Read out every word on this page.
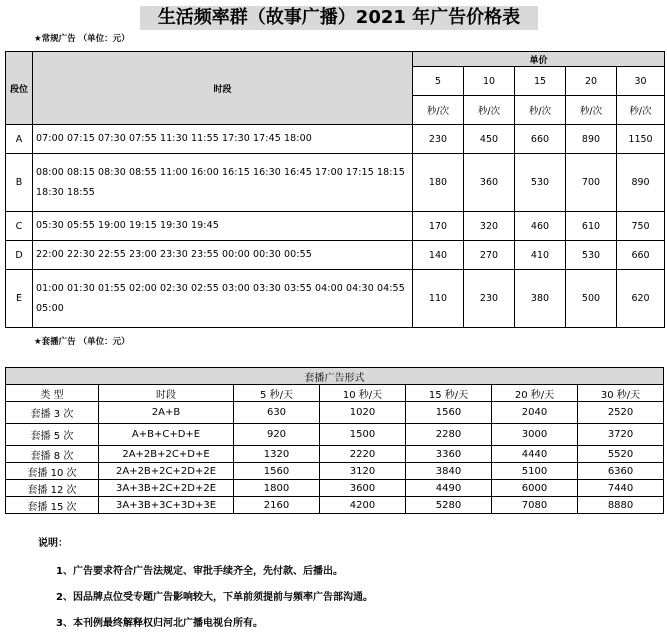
生活频率群（故事广播）2021 年广告价格表
★常规广告 （单位：元）
段位	时段	单价				
		5	10	15	20	30
		秒/次	秒/次	秒/次	秒/次	秒/次
A	07:00 07:15 07:30 07:55 11:30 11:55 17:30 17:45 18:00	230	450	660	890	1150
B	08:00 08:15 08:30 08:55 11:00 16:00 16:15 16:30 16:45 17:00 17:15 18:15 18:30 18:55	180	360	530	700	890
C	05:30 05:55 19:00 19:15 19:30 19:45	170	320	460	610	750
D	22:00 22:30 22:55 23:00 23:30 23:55 00:00 00:30 00:55	140	270	410	530	660
E	01:00 01:30 01:55 02:00 02:30 02:55 03:00 03:30 03:55 04:00 04:30 04:55 05:00	110	230	380	500	620
★套播广告 （单位：元）
套播广告形式						
类 型	时段	5 秒/天	10 秒/天	15 秒/天	20 秒/天	30 秒/天
套播 3 次	2A+B	630	1020	1560	2040	2520
套播 5 次	A+B+C+D+E	920	1500	2280	3000	3720
套播 8 次	2A+2B+2C+D+E	1320	2220	3360	4440	5520
套播 10 次	2A+2B+2C+2D+2E	1560	3120	3840	5100	6360
套播 12 次	3A+3B+2C+2D+2E	1800	3600	4490	6000	7440
套播 15 次	3A+3B+3C+3D+3E	2160	4200	5280	7080	8880
说明：
1、广告要求符合广告法规定、审批手续齐全，先付款、后播出。
2、因品牌点位受专题广告影响较大，下单前须提前与频率广告部沟通。
3、本刊例最终解释权归河北广播电视台所有。
